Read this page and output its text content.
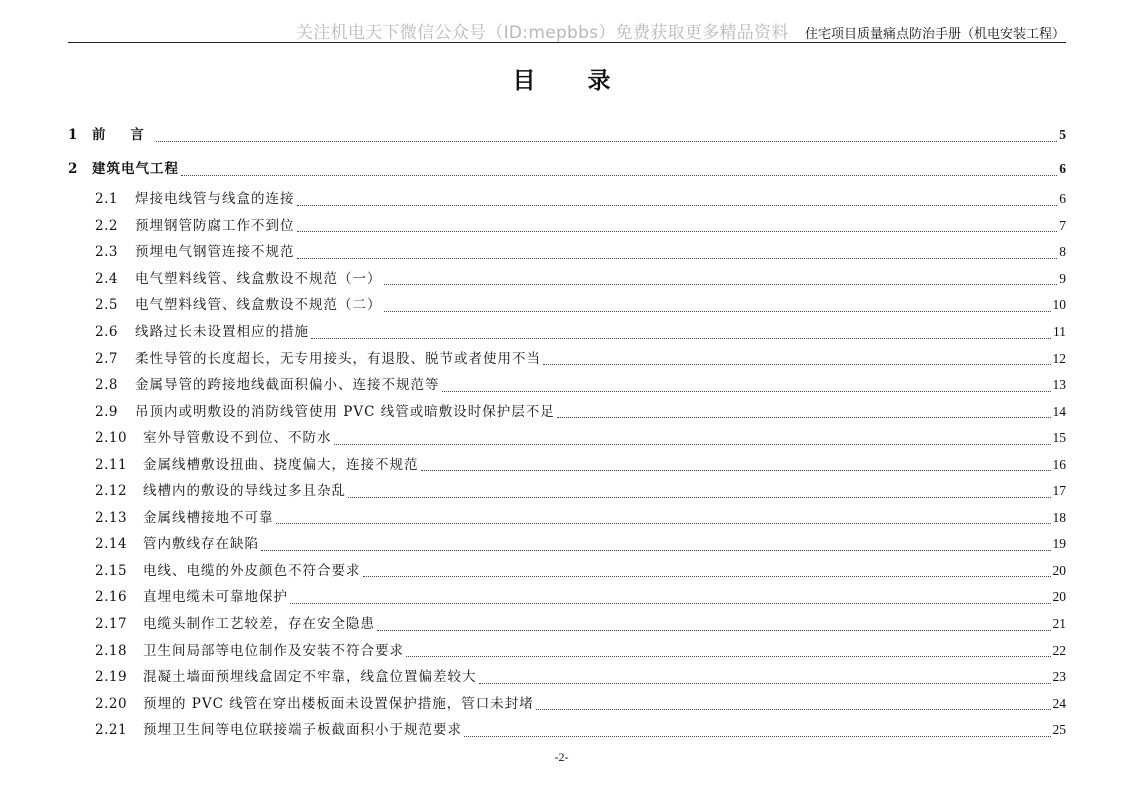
关注机电天下微信公众号（ID:mepbbs）免费获取更多精品资料 住宅项目质量痛点防治手册（机电安装工程）
目 录
1	前 言	5
2	建筑电气工程	6
2.1	焊接电线管与线盒的连接	6
2.2	预埋钢管防腐工作不到位	7
2.3	预埋电气钢管连接不规范	8
2.4	电气塑料线管、线盒敷设不规范（一）	9
2.5	电气塑料线管、线盒敷设不规范（二）	10
2.6	线路过长未设置相应的措施	11
2.7	柔性导管的长度超长，无专用接头，有退股、脱节或者使用不当	12
2.8	金属导管的跨接地线截面积偏小、连接不规范等	13
2.9	吊顶内或明敷设的消防线管使用 PVC 线管或暗敷设时保护层不足	14
2.10	室外导管敷设不到位、不防水	15
2.11	金属线槽敷设扭曲、挠度偏大，连接不规范	16
2.12	线槽内的敷设的导线过多且杂乱	17
2.13	金属线槽接地不可靠	18
2.14	管内敷线存在缺陷	19
2.15	电线、电缆的外皮颜色不符合要求	20
2.16	直埋电缆未可靠地保护	20
2.17	电缆头制作工艺较差，存在安全隐患	21
2.18	卫生间局部等电位制作及安装不符合要求	22
2.19	混凝土墙面预埋线盒固定不牢靠，线盒位置偏差较大	23
2.20	预埋的 PVC 线管在穿出楼板面未设置保护措施，管口未封堵	24
2.21	预埋卫生间等电位联接端子板截面积小于规范要求	25
-2-
